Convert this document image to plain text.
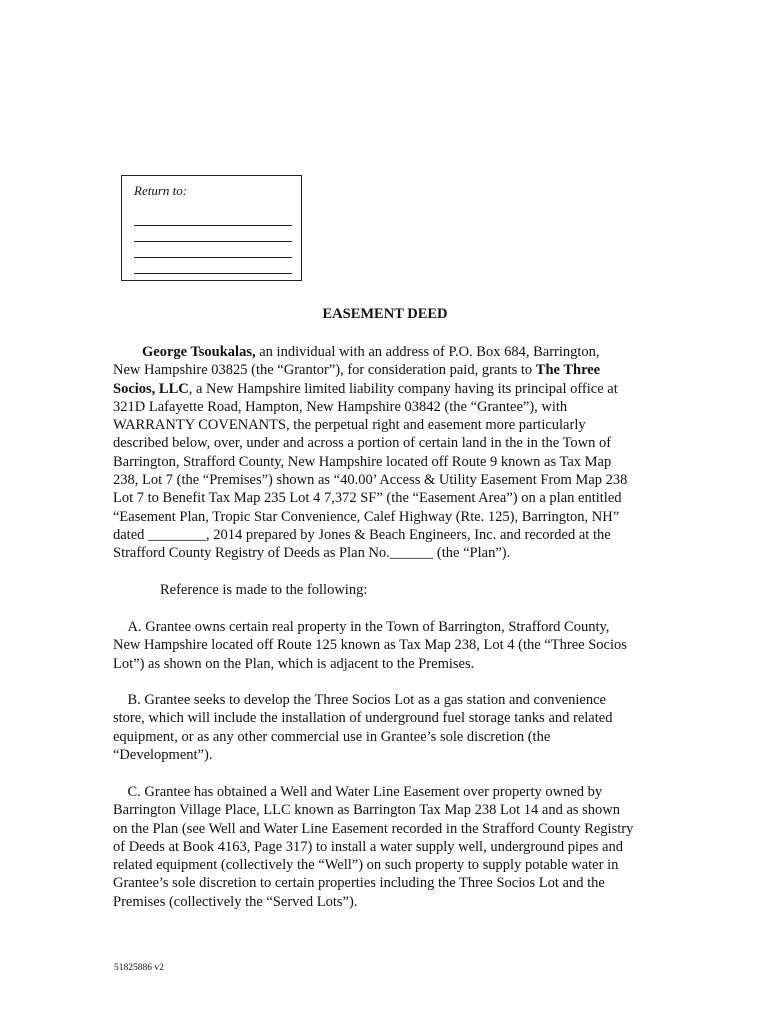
Return to:
EASEMENT DEED

George Tsoukalas, an individual with an address of P.O. Box 684, Barrington,
New Hampshire 03825 (the “Grantor”), for consideration paid, grants to The Three
Socios, LLC, a New Hampshire limited liability company having its principal office at
321D Lafayette Road, Hampton, New Hampshire 03842 (the “Grantee”), with
WARRANTY COVENANTS, the perpetual right and easement more particularly
described below, over, under and across a portion of certain land in the in the Town of
Barrington, Strafford County, New Hampshire located off Route 9 known as Tax Map
238, Lot 7 (the “Premises”) shown as “40.00’ Access & Utility Easement From Map 238
Lot 7 to Benefit Tax Map 235 Lot 4 7,372 SF” (the “Easement Area”) on a plan entitled
“Easement Plan, Tropic Star Convenience, Calef Highway (Rte. 125), Barrington, NH”
dated ________, 2014 prepared by Jones & Beach Engineers, Inc. and recorded at the
Strafford County Registry of Deeds as Plan No.______ (the “Plan”).

Reference is made to the following:

A. Grantee owns certain real property in the Town of Barrington, Strafford County,
New Hampshire located off Route 125 known as Tax Map 238, Lot 4 (the “Three Socios
Lot”) as shown on the Plan, which is adjacent to the Premises.

B. Grantee seeks to develop the Three Socios Lot as a gas station and convenience
store, which will include the installation of underground fuel storage tanks and related
equipment, or as any other commercial use in Grantee’s sole discretion (the
“Development”).

C. Grantee has obtained a Well and Water Line Easement over property owned by
Barrington Village Place, LLC known as Barrington Tax Map 238 Lot 14 and as shown
on the Plan (see Well and Water Line Easement recorded in the Strafford County Registry
of Deeds at Book 4163, Page 317) to install a water supply well, underground pipes and
related equipment (collectively the “Well”) on such property to supply potable water in
Grantee’s sole discretion to certain properties including the Three Socios Lot and the
Premises (collectively the “Served Lots”).

51825886 v2
